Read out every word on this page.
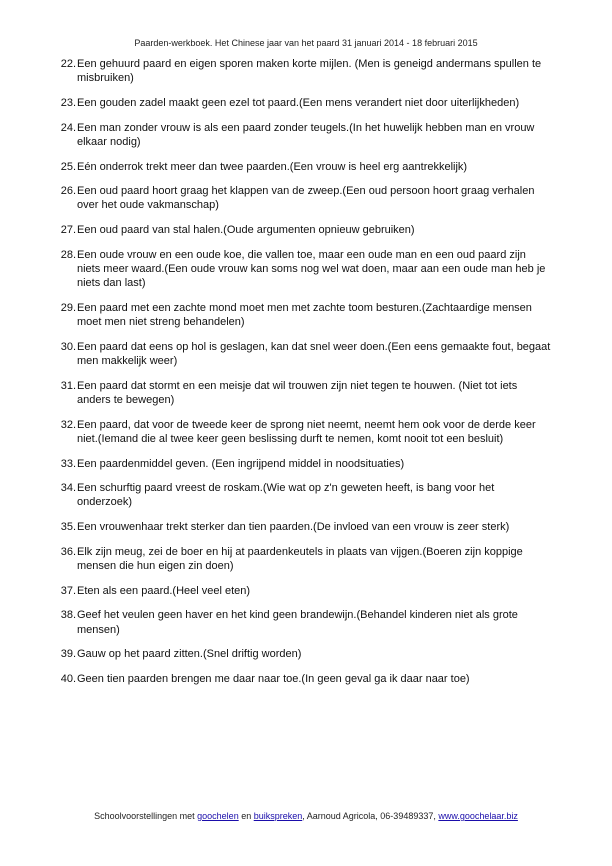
Paarden-werkboek. Het Chinese jaar van het paard 31 januari 2014 - 18 februari 2015
22. Een gehuurd paard en eigen sporen maken korte mijlen. (Men is geneigd andermans spullen te misbruiken)
23. Een gouden zadel maakt geen ezel tot paard.(Een mens verandert niet door uiterlijkheden)
24. Een man zonder vrouw is als een paard zonder teugels.(In het huwelijk hebben man en vrouw elkaar nodig)
25. Eén onderrok trekt meer dan twee paarden.(Een vrouw is heel erg aantrekkelijk)
26. Een oud paard hoort graag het klappen van de zweep.(Een oud persoon hoort graag verhalen over het oude vakmanschap)
27. Een oud paard van stal halen.(Oude argumenten opnieuw gebruiken)
28. Een oude vrouw en een oude koe, die vallen toe, maar een oude man en een oud paard zijn niets meer waard.(Een oude vrouw kan soms nog wel wat doen, maar aan een oude man heb je niets dan last)
29. Een paard met een zachte mond moet men met zachte toom besturen.(Zachtaardige mensen moet men niet streng behandelen)
30. Een paard dat eens op hol is geslagen, kan dat snel weer doen.(Een eens gemaakte fout, begaat men makkelijk weer)
31. Een paard dat stormt en een meisje dat wil trouwen zijn niet tegen te houwen. (Niet tot iets anders te bewegen)
32. Een paard, dat voor de tweede keer de sprong niet neemt, neemt hem ook voor de derde keer niet.(Iemand die al twee keer geen beslissing durft te nemen, komt nooit tot een besluit)
33. Een paardenmiddel geven. (Een ingrijpend middel in noodsituaties)
34. Een schurftig paard vreest de roskam.(Wie wat op z'n geweten heeft, is bang voor het onderzoek)
35. Een vrouwenhaar trekt sterker dan tien paarden.(De invloed van een vrouw is zeer sterk)
36. Elk zijn meug, zei de boer en hij at paardenkeutels in plaats van vijgen.(Boeren zijn koppige mensen die hun eigen zin doen)
37. Eten als een paard.(Heel veel eten)
38. Geef het veulen geen haver en het kind geen brandewijn.(Behandel kinderen niet als grote mensen)
39. Gauw op het paard zitten.(Snel driftig worden)
40. Geen tien paarden brengen me daar naar toe.(In geen geval ga ik daar naar toe)
Schoolvoorstellingen met goochelen en buikspreken, Aarnoud Agricola, 06-39489337, www.goochelaar.biz
